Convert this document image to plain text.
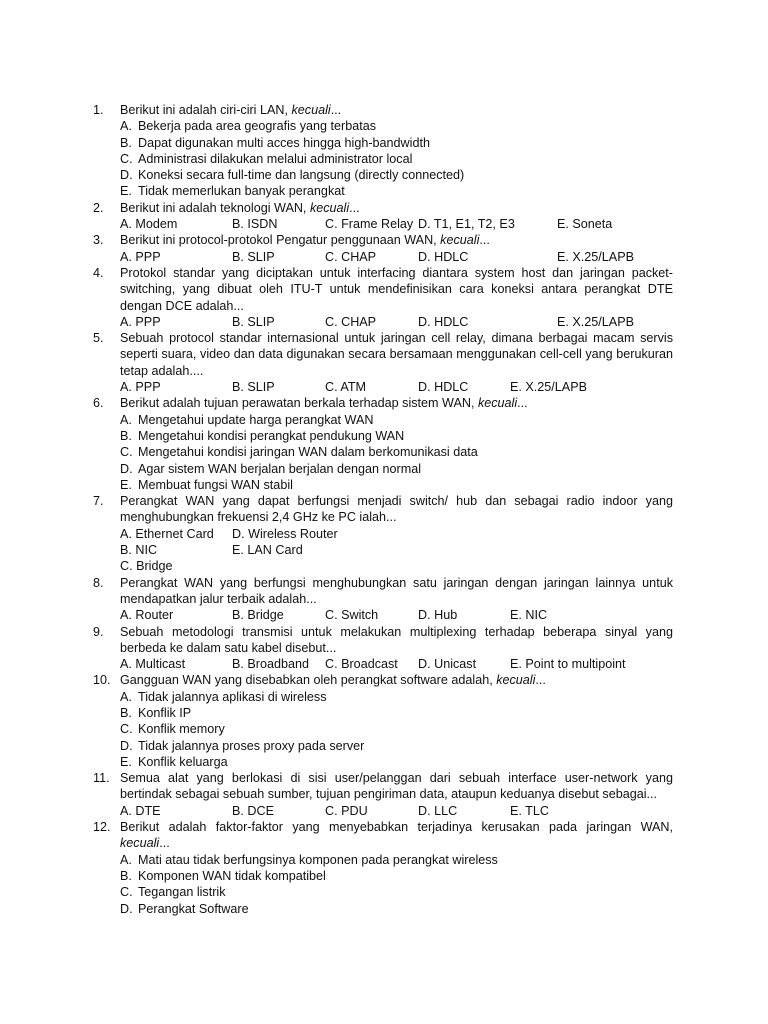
1. Berikut ini adalah ciri-ciri LAN, kecuali...
A. Bekerja pada area geografis yang terbatas
B. Dapat digunakan multi acces hingga high-bandwidth
C. Administrasi dilakukan melalui administrator local
D. Koneksi secara full-time dan langsung (directly connected)
E. Tidak memerlukan banyak perangkat
2. Berikut ini adalah teknologi WAN, kecuali...
A. Modem	B. ISDN	C. Frame Relay D. T1, E1, T2, E3	E. Soneta
3. Berikut ini protocol-protokol Pengatur penggunaan WAN, kecuali...
A. PPP	B. SLIP	C. CHAP	D. HDLC	E. X.25/LAPB
4. Protokol standar yang diciptakan untuk interfacing diantara system host dan jaringan packet-switching, yang dibuat oleh ITU-T untuk mendefinisikan cara koneksi antara perangkat DTE dengan DCE adalah...
A. PPP	B. SLIP	C. CHAP	D. HDLC	E. X.25/LAPB
5. Sebuah protocol standar internasional untuk jaringan cell relay, dimana berbagai macam servis seperti suara, video dan data digunakan secara bersamaan menggunakan cell-cell yang berukuran tetap adalah....
A. PPP	B. SLIP	C. ATM	D. HDLC	E. X.25/LAPB
6. Berikut adalah tujuan perawatan berkala terhadap sistem WAN, kecuali...
A. Mengetahui update harga perangkat WAN
B. Mengetahui kondisi perangkat pendukung WAN
C. Mengetahui kondisi jaringan WAN dalam berkomunikasi data
D. Agar sistem WAN berjalan berjalan dengan normal
E. Membuat fungsi WAN stabil
7. Perangkat WAN yang dapat berfungsi menjadi switch/ hub dan sebagai radio indoor yang menghubungkan frekuensi 2,4 GHz ke PC ialah...
A. Ethernet Card D. Wireless Router
B. NIC	E. LAN Card
C. Bridge
8. Perangkat WAN yang berfungsi menghubungkan satu jaringan dengan jaringan lainnya untuk mendapatkan jalur terbaik adalah...
A. Router	B. Bridge	C. Switch	D. Hub	E. NIC
9. Sebuah metodologi transmisi untuk melakukan multiplexing terhadap beberapa sinyal yang berbeda ke dalam satu kabel disebut...
A. Multicast	B. Broadband C. Broadcast D. Unicast	E. Point to multipoint
10. Gangguan WAN yang disebabkan oleh perangkat software adalah, kecuali...
A. Tidak jalannya aplikasi di wireless
B. Konflik IP
C. Konflik memory
D. Tidak jalannya proses proxy pada server
E. Konflik keluarga
11. Semua alat yang berlokasi di sisi user/pelanggan dari sebuah interface user-network yang bertindak sebagai sebuah sumber, tujuan pengiriman data, ataupun keduanya disebut sebagai...
A. DTE	B. DCE	C. PDU	D. LLC	E. TLC
12. Berikut adalah faktor-faktor yang menyebabkan terjadinya kerusakan pada jaringan WAN, kecuali...
A. Mati atau tidak berfungsinya komponen pada perangkat wireless
B. Komponen WAN tidak kompatibel
C. Tegangan listrik
D. Perangkat Software
